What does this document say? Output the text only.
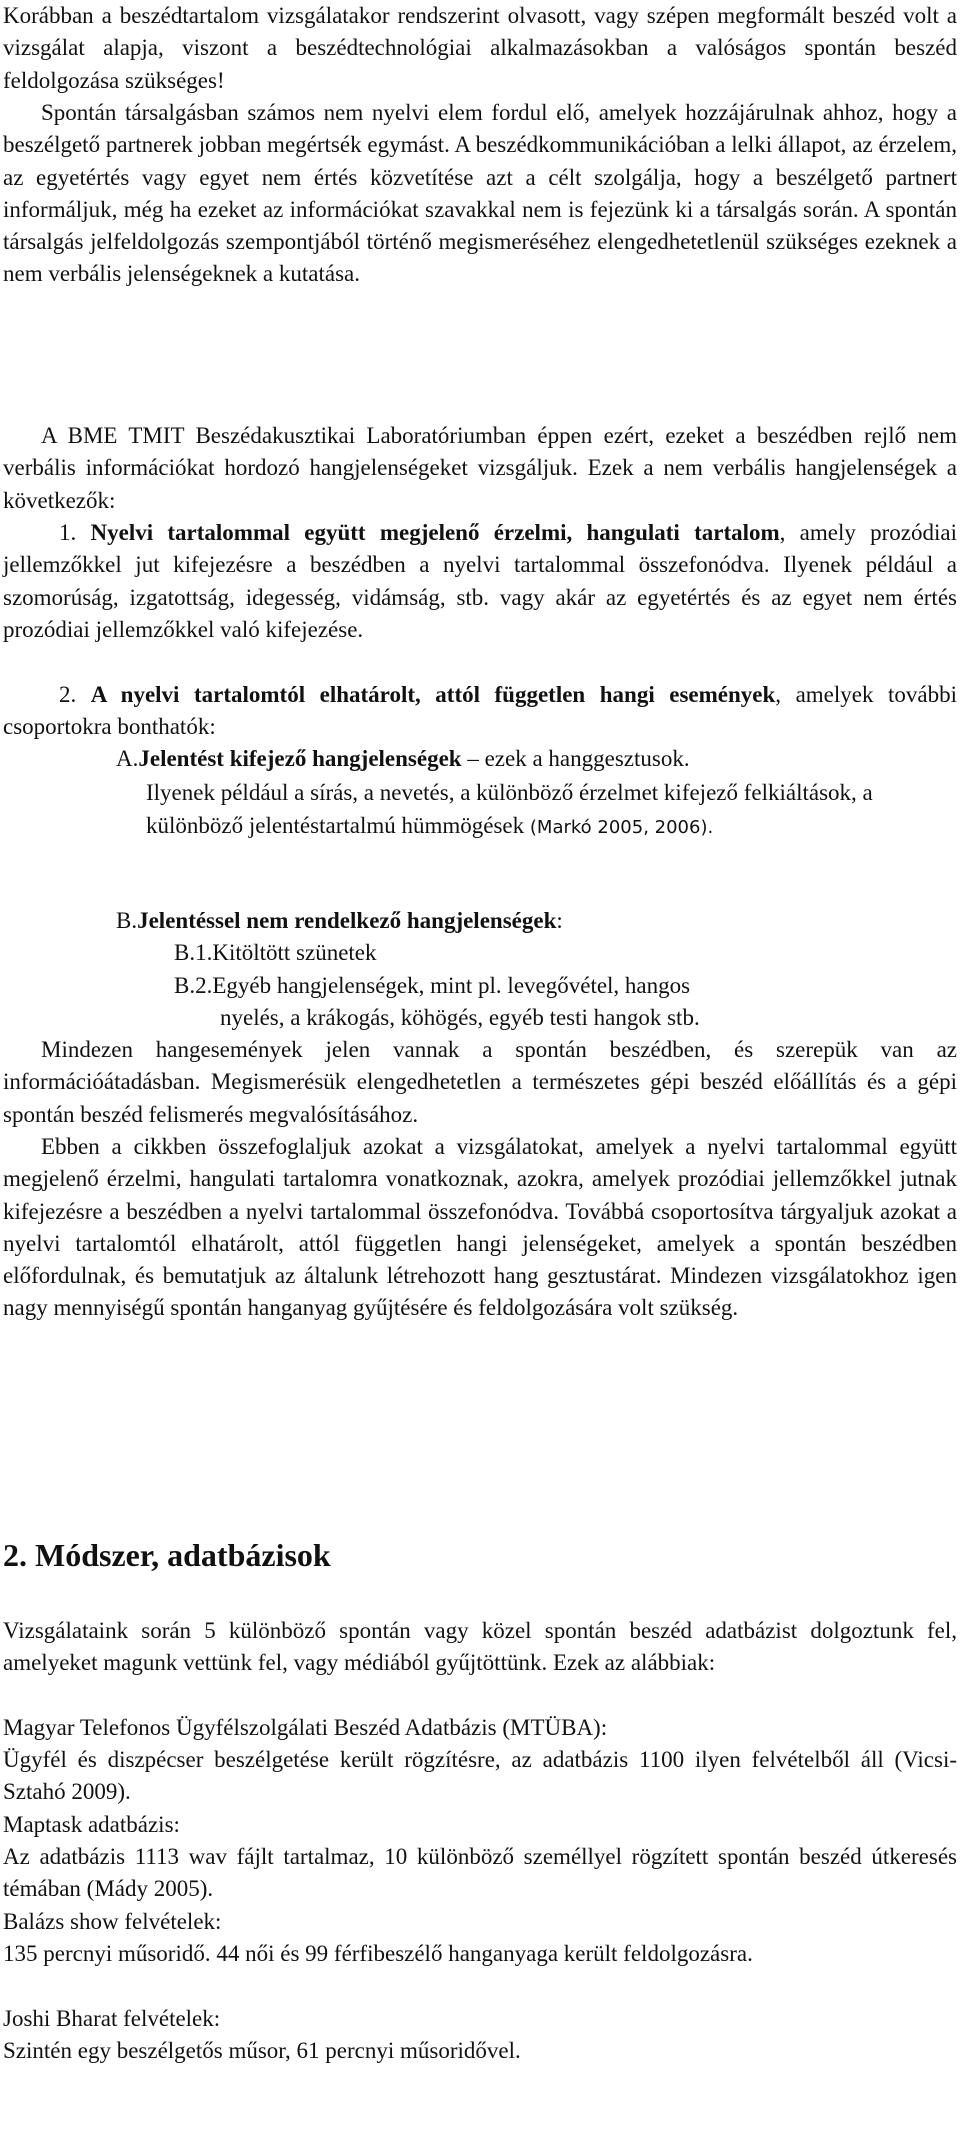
Korábban a beszédtartalom vizsgálatakor rendszerint olvasott, vagy szépen megformált beszéd volt a vizsgálat alapja, viszont a beszédtechnológiai alkalmazásokban a valóságos spontán beszéd feldolgozása szükséges!

Spontán társalgásban számos nem nyelvi elem fordul elő, amelyek hozzájárulnak ahhoz, hogy a beszélgető partnerek jobban megértsék egymást. A beszédkommunikációban a lelki állapot, az érzelem, az egyetértés vagy egyet nem értés közvetítése azt a célt szolgálja, hogy a beszélgető partnert informáljuk, még ha ezeket az információkat szavakkal nem is fejezünk ki a társalgás során. A spontán társalgás jelfeldolgozás szempontjából történő megismeréséhez elengedhetetlenül szükséges ezeknek a nem verbális jelenségeknek a kutatása.

A BME TMIT Beszédakusztikai Laboratóriumban éppen ezért, ezeket a beszédben rejlő nem verbális információkat hordozó hangjelenségeket vizsgáljuk. Ezek a nem verbális hangjelenségek a következők:

1. Nyelvi tartalommal együtt megjelenő érzelmi, hangulati tartalom, amely prozódiai jellemzőkkel jut kifejezésre a beszédben a nyelvi tartalommal összefonódva. Ilyenek például a szomorúság, izgatottság, idegesség, vidámság, stb. vagy akár az egyetértés és az egyet nem értés prozódiai jellemzőkkel való kifejezése.

2. A nyelvi tartalomtól elhatárolt, attól független hangi események, amelyek további csoportokra bonthatók:

A.Jelentést kifejező hangjelenségek – ezek a hanggesztusok.

Ilyenek például a sírás, a nevetés, a különböző érzelmet kifejező felkiáltások, a különböző jelentéstartalmú hümmögések (Markó 2005, 2006).

B.Jelentéssel nem rendelkező hangjelenségek:

B.1.Kitöltött szünetek

B.2.Egyéb hangjelenségek, mint pl. levegővétel, hangos

nyelés, a krákogás, köhögés, egyéb testi hangok stb.

Mindezen hangesemények jelen vannak a spontán beszédben, és szerepük van az információátadásban. Megismerésük elengedhetetlen a természetes gépi beszéd előállítás és a gépi spontán beszéd felismerés megvalósításához.

Ebben a cikkben összefoglaljuk azokat a vizsgálatokat, amelyek a nyelvi tartalommal együtt megjelenő érzelmi, hangulati tartalomra vonatkoznak, azokra, amelyek prozódiai jellemzőkkel jutnak kifejezésre a beszédben a nyelvi tartalommal összefonódva. Továbbá csoportosítva tárgyaljuk azokat a nyelvi tartalomtól elhatárolt, attól független hangi jelenségeket, amelyek a spontán beszédben előfordulnak, és bemutatjuk az általunk létrehozott hang gesztustárat. Mindezen vizsgálatokhoz igen nagy mennyiségű spontán hanganyag gyűjtésére és feldolgozására volt szükség.

2. Módszer, adatbázisok

Vizsgálataink során 5 különböző spontán vagy közel spontán beszéd adatbázist dolgoztunk fel, amelyeket magunk vettünk fel, vagy médiából gyűjtöttünk. Ezek az alábbiak:

Magyar Telefonos Ügyfélszolgálati Beszéd Adatbázis (MTÜBA):

Ügyfél és diszpécser beszélgetése került rögzítésre, az adatbázis 1100 ilyen felvételből áll (Vicsi-Sztahó 2009).

Maptask adatbázis:

Az adatbázis 1113 wav fájlt tartalmaz, 10 különböző személlyel rögzített spontán beszéd útkeresés témában (Mády 2005).

Balázs show felvételek:

135 percnyi műsoridő. 44 női és 99 férfibeszélő hanganyaga került feldolgozásra.

Joshi Bharat felvételek:

Szintén egy beszélgetős műsor, 61 percnyi műsoridővel.
